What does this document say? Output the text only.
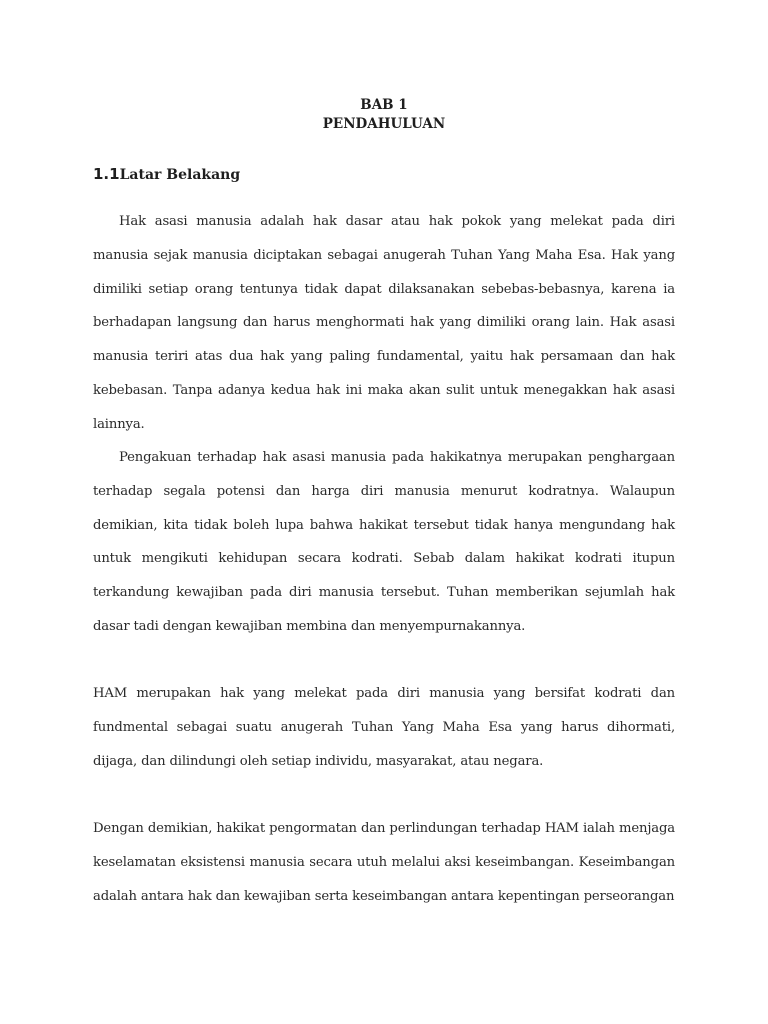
BAB 1
PENDAHULUAN
1.1Latar Belakang

Hak asasi manusia adalah hak dasar atau hak pokok yang melekat pada diri manusia sejak manusia diciptakan sebagai anugerah Tuhan Yang Maha Esa. Hak yang dimiliki setiap orang tentunya tidak dapat dilaksanakan sebebas-bebasnya, karena ia berhadapan langsung dan harus menghormati hak yang dimiliki orang lain. Hak asasi manusia teriri atas dua hak yang paling fundamental, yaitu hak persamaan dan hak kebebasan. Tanpa adanya kedua hak ini maka akan sulit untuk menegakkan hak asasi lainnya.

Pengakuan terhadap hak asasi manusia pada hakikatnya merupakan penghargaan terhadap segala potensi dan harga diri manusia menurut kodratnya. Walaupun demikian, kita tidak boleh lupa bahwa hakikat tersebut tidak hanya mengundang hak untuk mengikuti kehidupan secara kodrati. Sebab dalam hakikat kodrati itupun terkandung kewajiban pada diri manusia tersebut. Tuhan memberikan sejumlah hak dasar tadi dengan kewajiban membina dan menyempurnakannya.

HAM merupakan hak yang melekat pada diri manusia yang bersifat kodrati dan fundmental sebagai suatu anugerah Tuhan Yang Maha Esa yang harus dihormati, dijaga, dan dilindungi oleh setiap individu, masyarakat, atau negara.

Dengan demikian, hakikat pengormatan dan perlindungan terhadap HAM ialah menjaga keselamatan eksistensi manusia secara utuh melalui aksi keseimbangan. Keseimbangan adalah antara hak dan kewajiban serta keseimbangan antara kepentingan perseorangan
